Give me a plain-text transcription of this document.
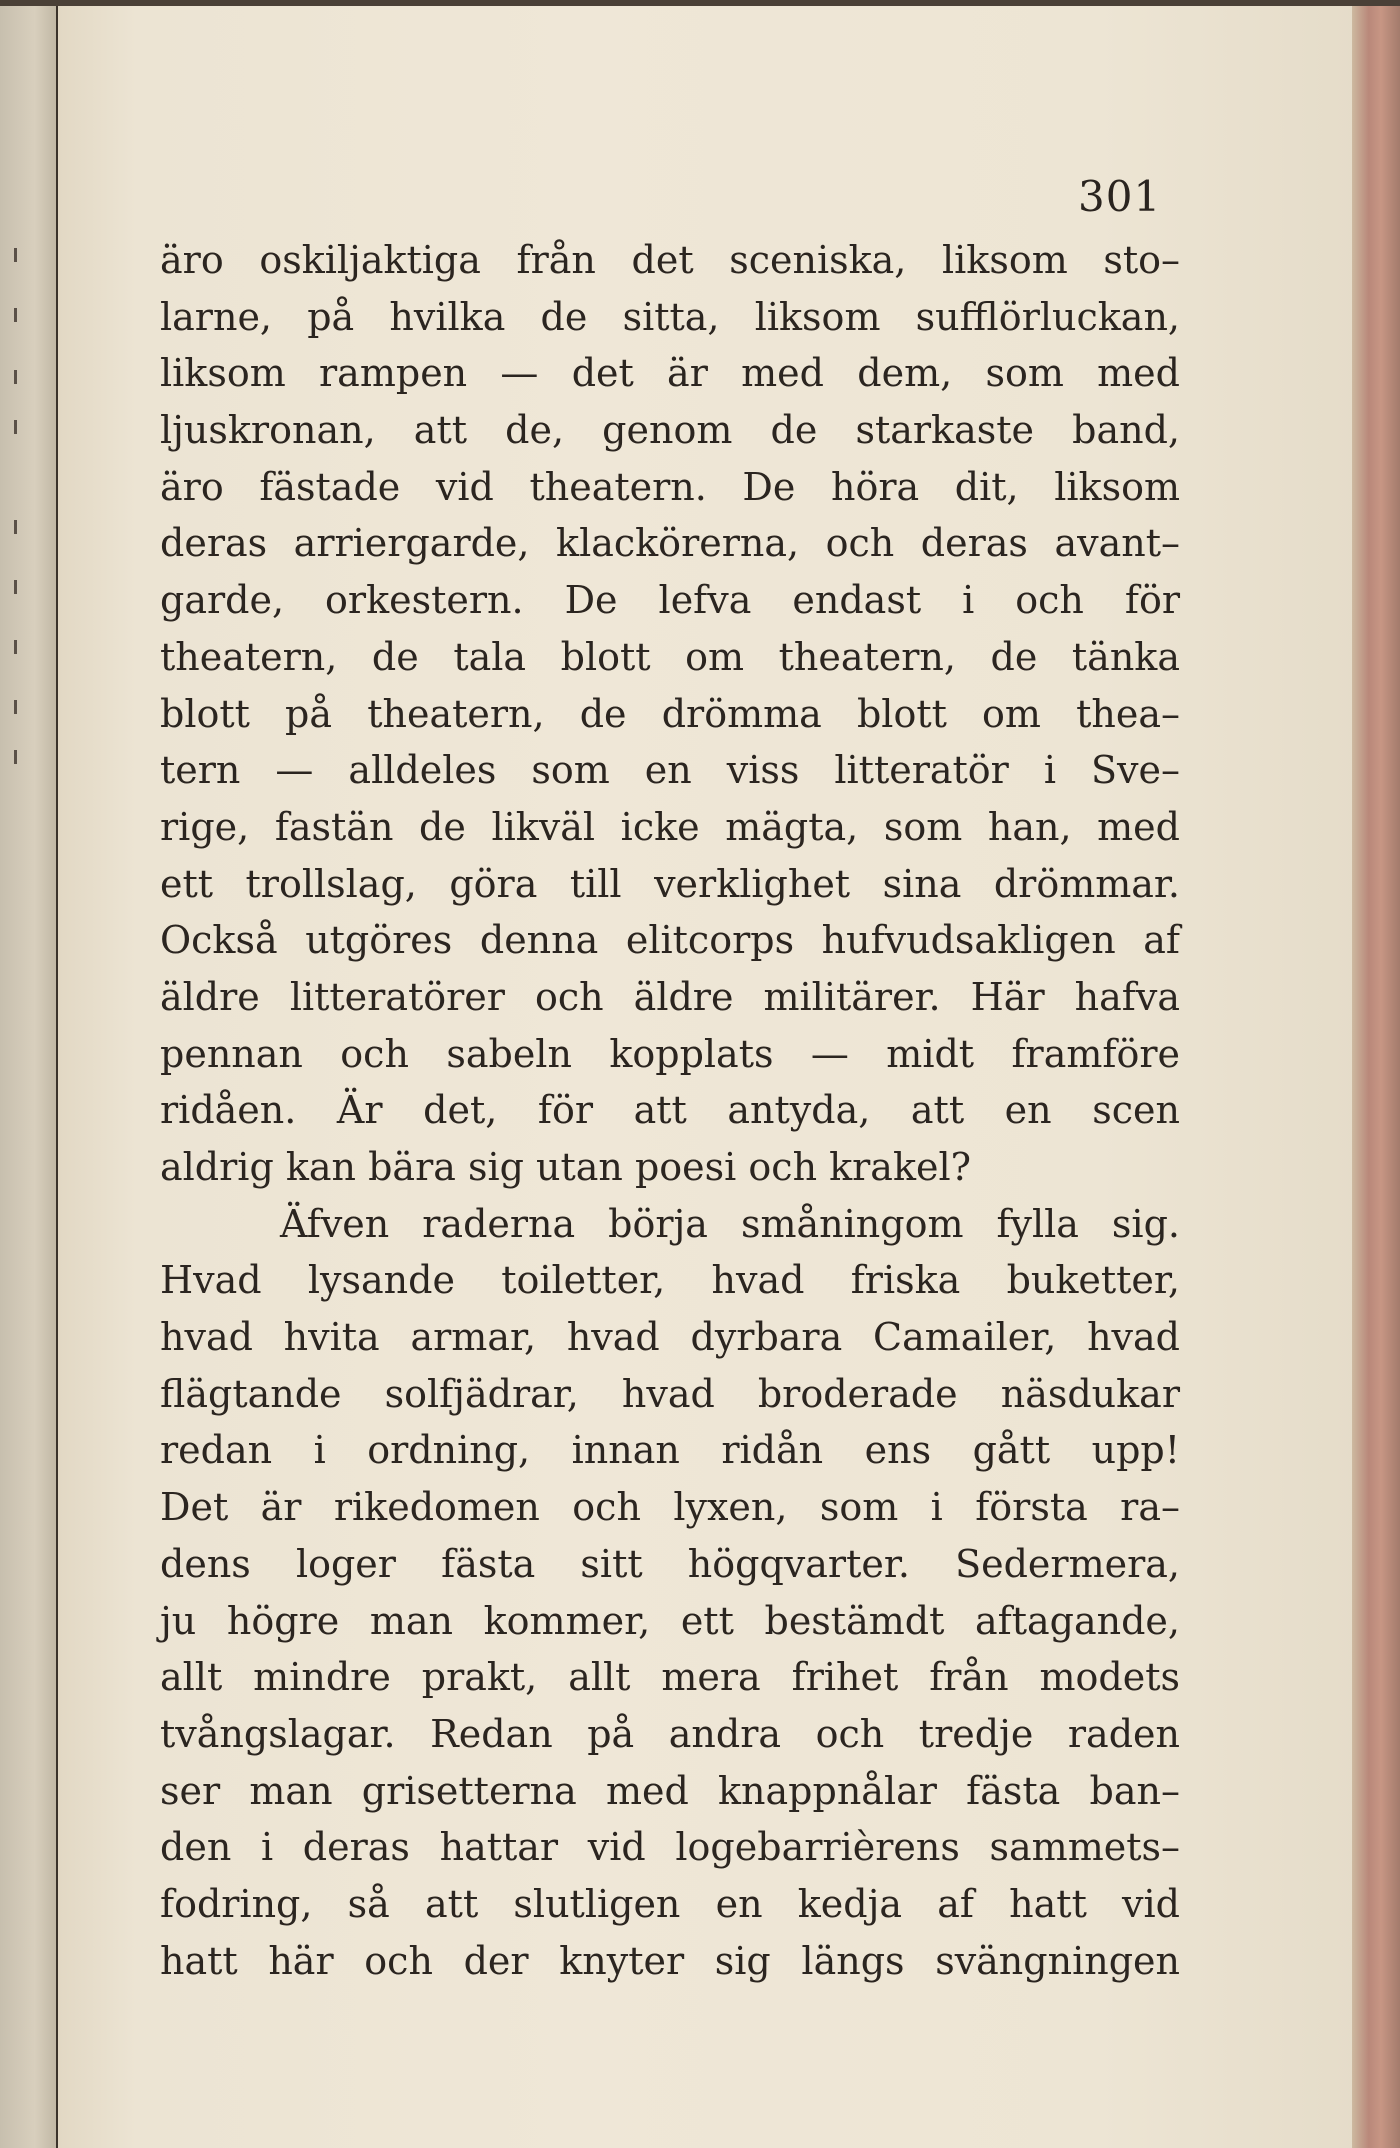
301
äro oskiljaktiga från det sceniska, liksom sto–
larne, på hvilka de sitta, liksom sufflörluckan,
liksom rampen — det är med dem, som med
ljuskronan, att de, genom de starkaste band,
äro fästade vid theatern. De höra dit, liksom
deras arriergarde, klackörerna, och deras avant–
garde, orkestern. De lefva endast i och för
theatern, de tala blott om theatern, de tänka
blott på theatern, de drömma blott om thea–
tern — alldeles som en viss litteratör i Sve–
rige, fastän de likväl icke mägta, som han, med
ett trollslag, göra till verklighet sina drömmar.
Också utgöres denna elitcorps hufvudsakligen af
äldre litteratörer och äldre militärer. Här hafva
pennan och sabeln kopplats — midt framföre
ridåen. Är det, för att antyda, att en scen
aldrig kan bära sig utan poesi och krakel?
Äfven raderna börja småningom fylla sig.
Hvad lysande toiletter, hvad friska buketter,
hvad hvita armar, hvad dyrbara Camailer, hvad
flägtande solfjädrar, hvad broderade näsdukar
redan i ordning, innan ridån ens gått upp!
Det är rikedomen och lyxen, som i första ra–
dens loger fästa sitt högqvarter. Sedermera,
ju högre man kommer, ett bestämdt aftagande,
allt mindre prakt, allt mera frihet från modets
tvångslagar. Redan på andra och tredje raden
ser man grisetterna med knappnålar fästa ban–
den i deras hattar vid logebarrièrens sammets–
fodring, så att slutligen en kedja af hatt vid
hatt här och der knyter sig längs svängningen
